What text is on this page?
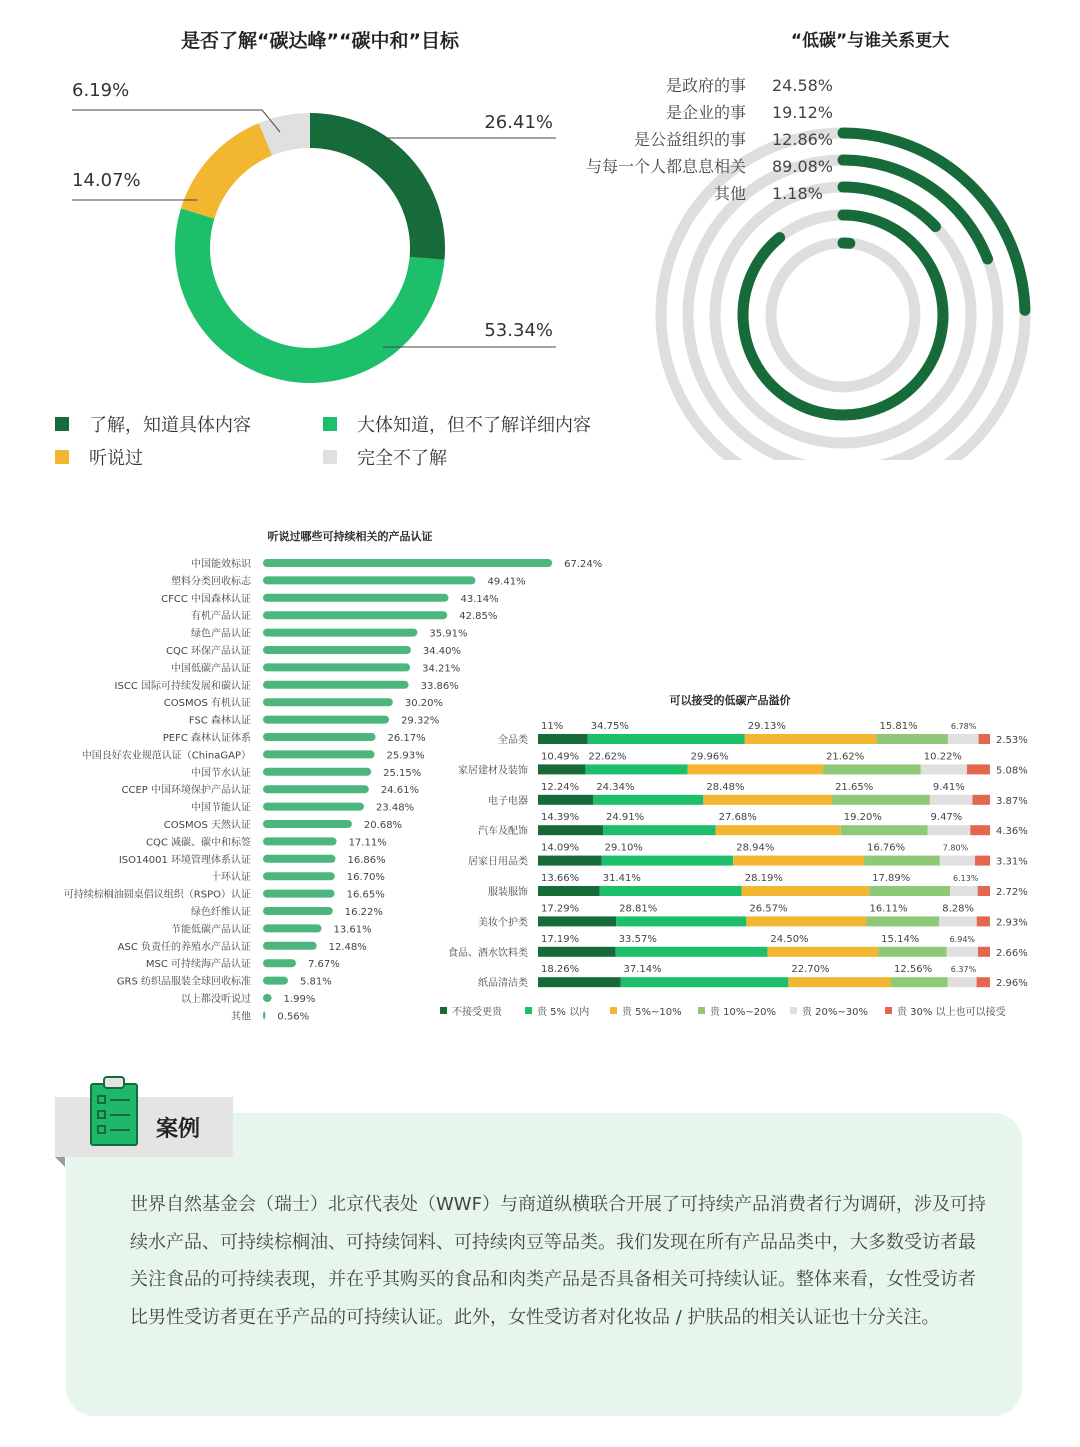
是否了解“碳达峰”“碳中和”目标
26.41%
53.34%
14.07%
6.19%
了解，知道具体内容	大体知道，但不了解详细内容
听说过	完全不了解
“低碳”与谁关系更大
是政府的事 24.58%
是企业的事 19.12%
是公益组织的事 12.86%
与每一个人都息息相关 89.08%
其他 1.18%
听说过哪些可持续相关的产品认证
中国能效标识	67.24%
塑料分类回收标志	49.41%
CFCC 中国森林认证	43.14%
有机产品认证	42.85%
绿色产品认证	35.91%
CQC 环保产品认证	34.40%
中国低碳产品认证	34.21%
ISCC 国际可持续发展和碳认证	33.86%
COSMOS 有机认证	30.20%
FSC 森林认证	29.32%
PEFC 森林认证体系	26.17%
中国良好农业规范认证（ChinaGAP）	25.93%
中国节水认证	25.15%
CCEP 中国环境保护产品认证	24.61%
中国节能认证	23.48%
COSMOS 天然认证	20.68%
CQC 减碳、碳中和标签	17.11%
ISO14001 环境管理体系认证	16.86%
十环认证	16.70%
可持续棕榈油圆桌倡议组织（RSPO）认证	16.65%
绿色纤维认证	16.22%
节能低碳产品认证	13.61%
ASC 负责任的养殖水产品认证	12.48%
MSC 可持续海产品认证	7.67%
GRS 纺织品服装全球回收标准	5.81%
以上都没听说过	1.99%
其他	0.56%
可以接受的低碳产品溢价
全品类
11%	34.75%	29.13%	15.81%	6.78%
2.53%
家居建材及装饰
10.49% 22.62%	29.96%	21.62%	10.22%
5.08%
电子电器
12.24% 24.34%	28.48%	21.65%	9.41%
3.87%
汽车及配饰
14.39%	24.91%	27.68%	19.20%	9.47%
4.36%
居家日用品类
14.09%	29.10%	28.94%	16.76%	7.80%
3.31%
服装服饰
13.66% 31.41%	28.19%	17.89%	6.13%
2.72%
美妆个护类
17.29%	28.81%	26.57%	16.11%	8.28%
2.93%
食品、酒水饮料类
17.19%	33.57%	24.50%	15.14%	6.94%
2.66%
纸品清洁类
18.26%	37.14%	22.70%	12.56% 6.37%
2.96%
不接受更贵	贵 5% 以内	贵 5%~10%	贵 10%~20%	贵 20%~30%	贵 30% 以上也可以接受
案例
世界自然基金会（瑞士）北京代表处（WWF）与商道纵横联合开展了可持续产品消费者行为调研，涉及可持续水产品、可持续棕榈油、可持续饲料、可持续肉豆等品类。我们发现在所有产品品类中，大多数受访者最关注食品的可持续表现，并在乎其购买的食品和肉类产品是否具备相关可持续认证。整体来看，女性受访者比男性受访者更在乎产品的可持续认证。此外，女性受访者对化妆品 / 护肤品的相关认证也十分关注。
